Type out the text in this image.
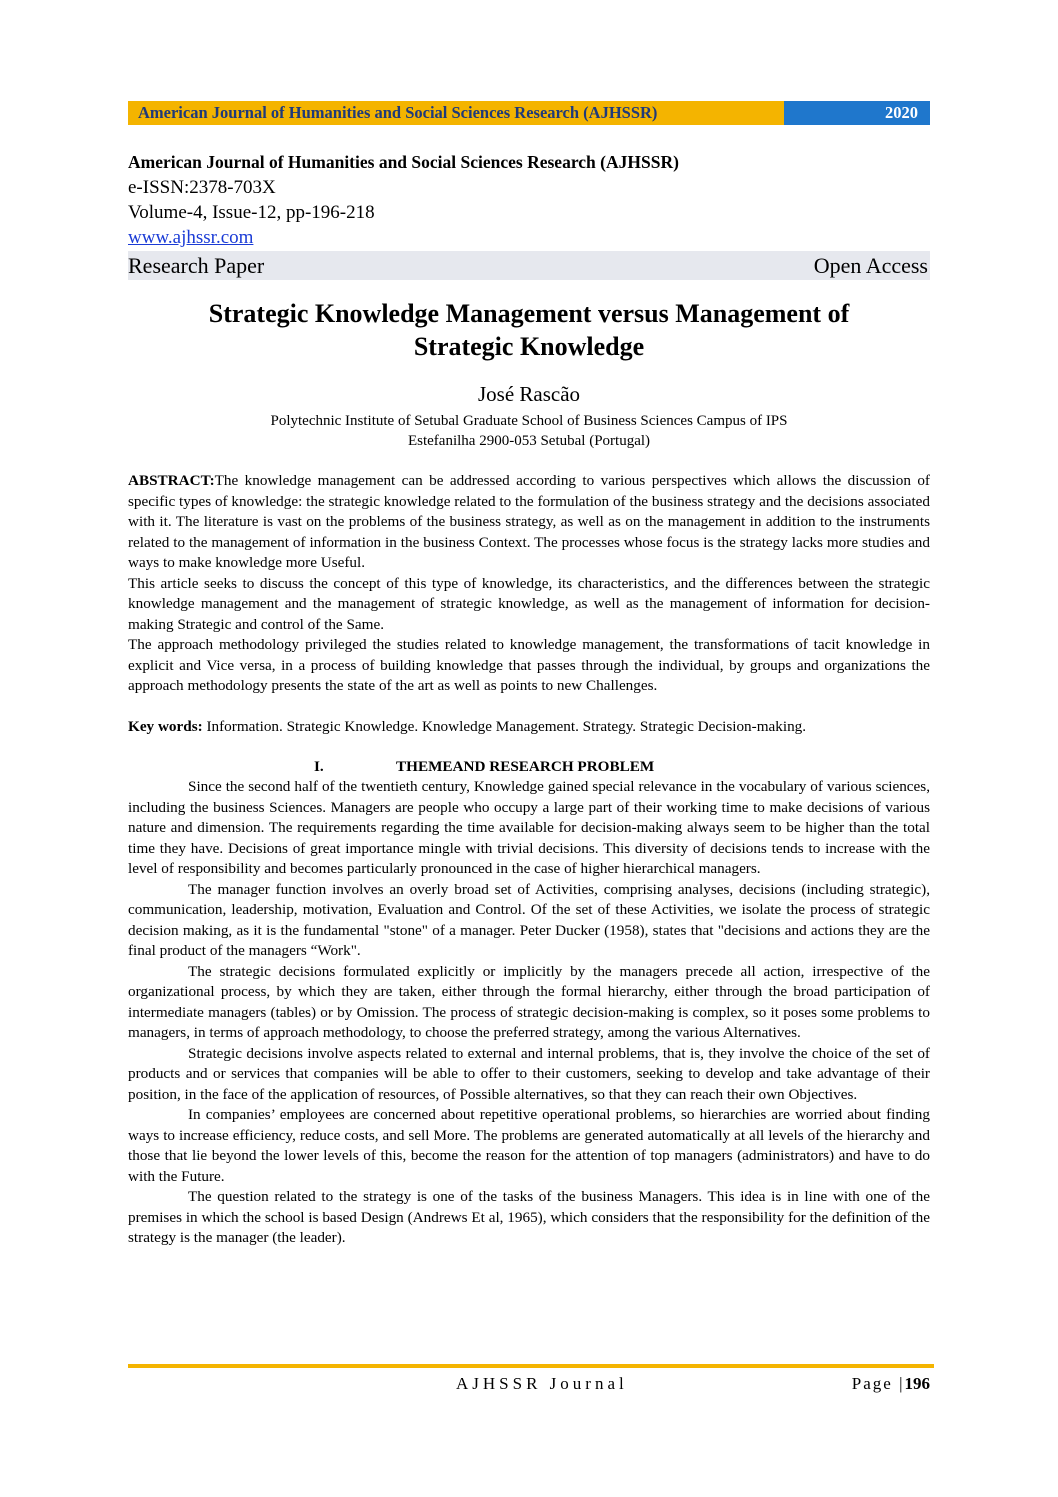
American Journal of Humanities and Social Sciences Research (AJHSSR)	2020
American Journal of Humanities and Social Sciences Research (AJHSSR)
e-ISSN:2378-703X
Volume-4, Issue-12, pp-196-218
www.ajhssr.com
Research Paper	Open Access
Strategic Knowledge Management versus Management of
Strategic Knowledge
José Rascão
Polytechnic Institute of Setubal Graduate School of Business Sciences Campus of IPS
Estefanilha 2900-053 Setubal (Portugal)

ABSTRACT:The knowledge management can be addressed according to various perspectives which allows the discussion of specific types of knowledge: the strategic knowledge related to the formulation of the business strategy and the decisions associated with it. The literature is vast on the problems of the business strategy, as well as on the management in addition to the instruments related to the management of information in the business Context. The processes whose focus is the strategy lacks more studies and ways to make knowledge more Useful.

This article seeks to discuss the concept of this type of knowledge, its characteristics, and the differences between the strategic knowledge management and the management of strategic knowledge, as well as the management of information for decision-making Strategic and control of the Same.

The approach methodology privileged the studies related to knowledge management, the transformations of tacit knowledge in explicit and Vice versa, in a process of building knowledge that passes through the individual, by groups and organizations the approach methodology presents the state of the art as well as points to new Challenges.

Key words: Information. Strategic Knowledge. Knowledge Management. Strategy. Strategic Decision-making.

I.	THEMEAND RESEARCH PROBLEM

Since the second half of the twentieth century, Knowledge gained special relevance in the vocabulary of various sciences, including the business Sciences. Managers are people who occupy a large part of their working time to make decisions of various nature and dimension. The requirements regarding the time available for decision-making always seem to be higher than the total time they have. Decisions of great importance mingle with trivial decisions. This diversity of decisions tends to increase with the level of responsibility and becomes particularly pronounced in the case of higher hierarchical managers.

The manager function involves an overly broad set of Activities, comprising analyses, decisions (including strategic), communication, leadership, motivation, Evaluation and Control. Of the set of these Activities, we isolate the process of strategic decision making, as it is the fundamental "stone" of a manager. Peter Ducker (1958), states that "decisions and actions they are the final product of the managers “Work".

The strategic decisions formulated explicitly or implicitly by the managers precede all action, irrespective of the organizational process, by which they are taken, either through the formal hierarchy, either through the broad participation of intermediate managers (tables) or by Omission. The process of strategic decision-making is complex, so it poses some problems to managers, in terms of approach methodology, to choose the preferred strategy, among the various Alternatives.

Strategic decisions involve aspects related to external and internal problems, that is, they involve the choice of the set of products and or services that companies will be able to offer to their customers, seeking to develop and take advantage of their position, in the face of the application of resources, of Possible alternatives, so that they can reach their own Objectives.

In companies’ employees are concerned about repetitive operational problems, so hierarchies are worried about finding ways to increase efficiency, reduce costs, and sell More. The problems are generated automatically at all levels of the hierarchy and those that lie beyond the lower levels of this, become the reason for the attention of top managers (administrators) and have to do with the Future.

The question related to the strategy is one of the tasks of the business Managers. This idea is in line with one of the premises in which the school is based Design (Andrews Et al, 1965), which considers that the responsibility for the definition of the strategy is the manager (the leader).

AJHSSR Journal	Page |196
